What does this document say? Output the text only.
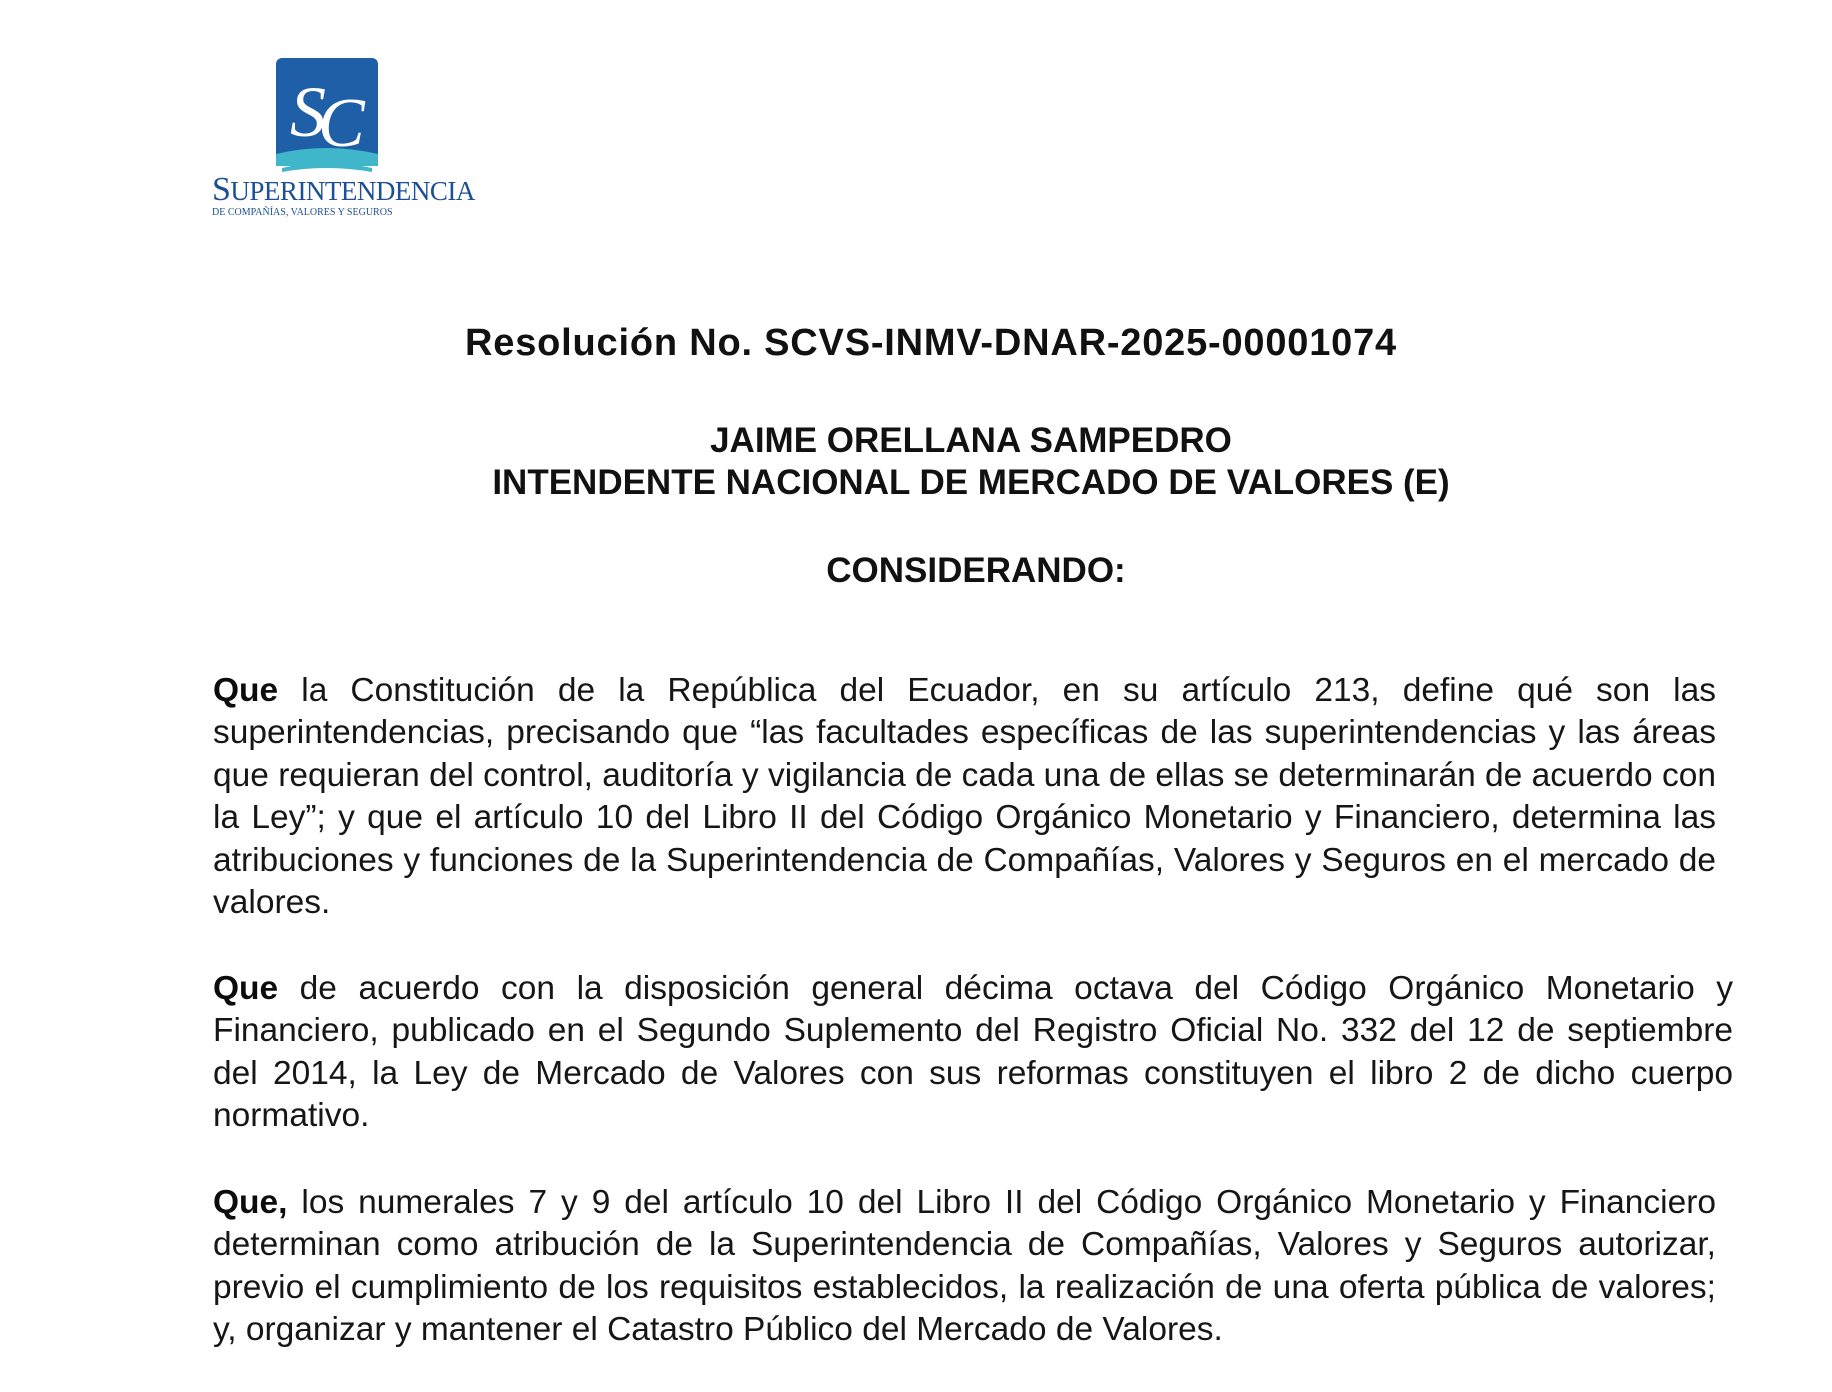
S
C
SUPERINTENDENCIA
DE COMPAÑÍAS, VALORES Y SEGUROS
Resolución No. SCVS-INMV-DNAR-2025-00001074
JAIME ORELLANA SAMPEDRO
INTENDENTE NACIONAL DE MERCADO DE VALORES (E)
CONSIDERANDO:

Que la Constitución de la República del Ecuador, en su artículo 213, define qué son las superintendencias, precisando que “las facultades específicas de las superintendencias y las áreas que requieran del control, auditoría y vigilancia de cada una de ellas se determinarán de acuerdo con la Ley”; y que el artículo 10 del Libro II del Código Orgánico Monetario y Financiero, determina las atribuciones y funciones de la Superintendencia de Compañías, Valores y Seguros en el mercado de valores.

Que de acuerdo con la disposición general décima octava del Código Orgánico Monetario y Financiero, publicado en el Segundo Suplemento del Registro Oficial No. 332 del 12 de septiembre del 2014, la Ley de Mercado de Valores con sus reformas constituyen el libro 2 de dicho cuerpo normativo.

Que, los numerales 7 y 9 del artículo 10 del Libro II del Código Orgánico Monetario y Financiero determinan como atribución de la Superintendencia de Compañías, Valores y Seguros autorizar, previo el cumplimiento de los requisitos establecidos, la realización de una oferta pública de valores; y, organizar y mantener el Catastro Público del Mercado de Valores.
